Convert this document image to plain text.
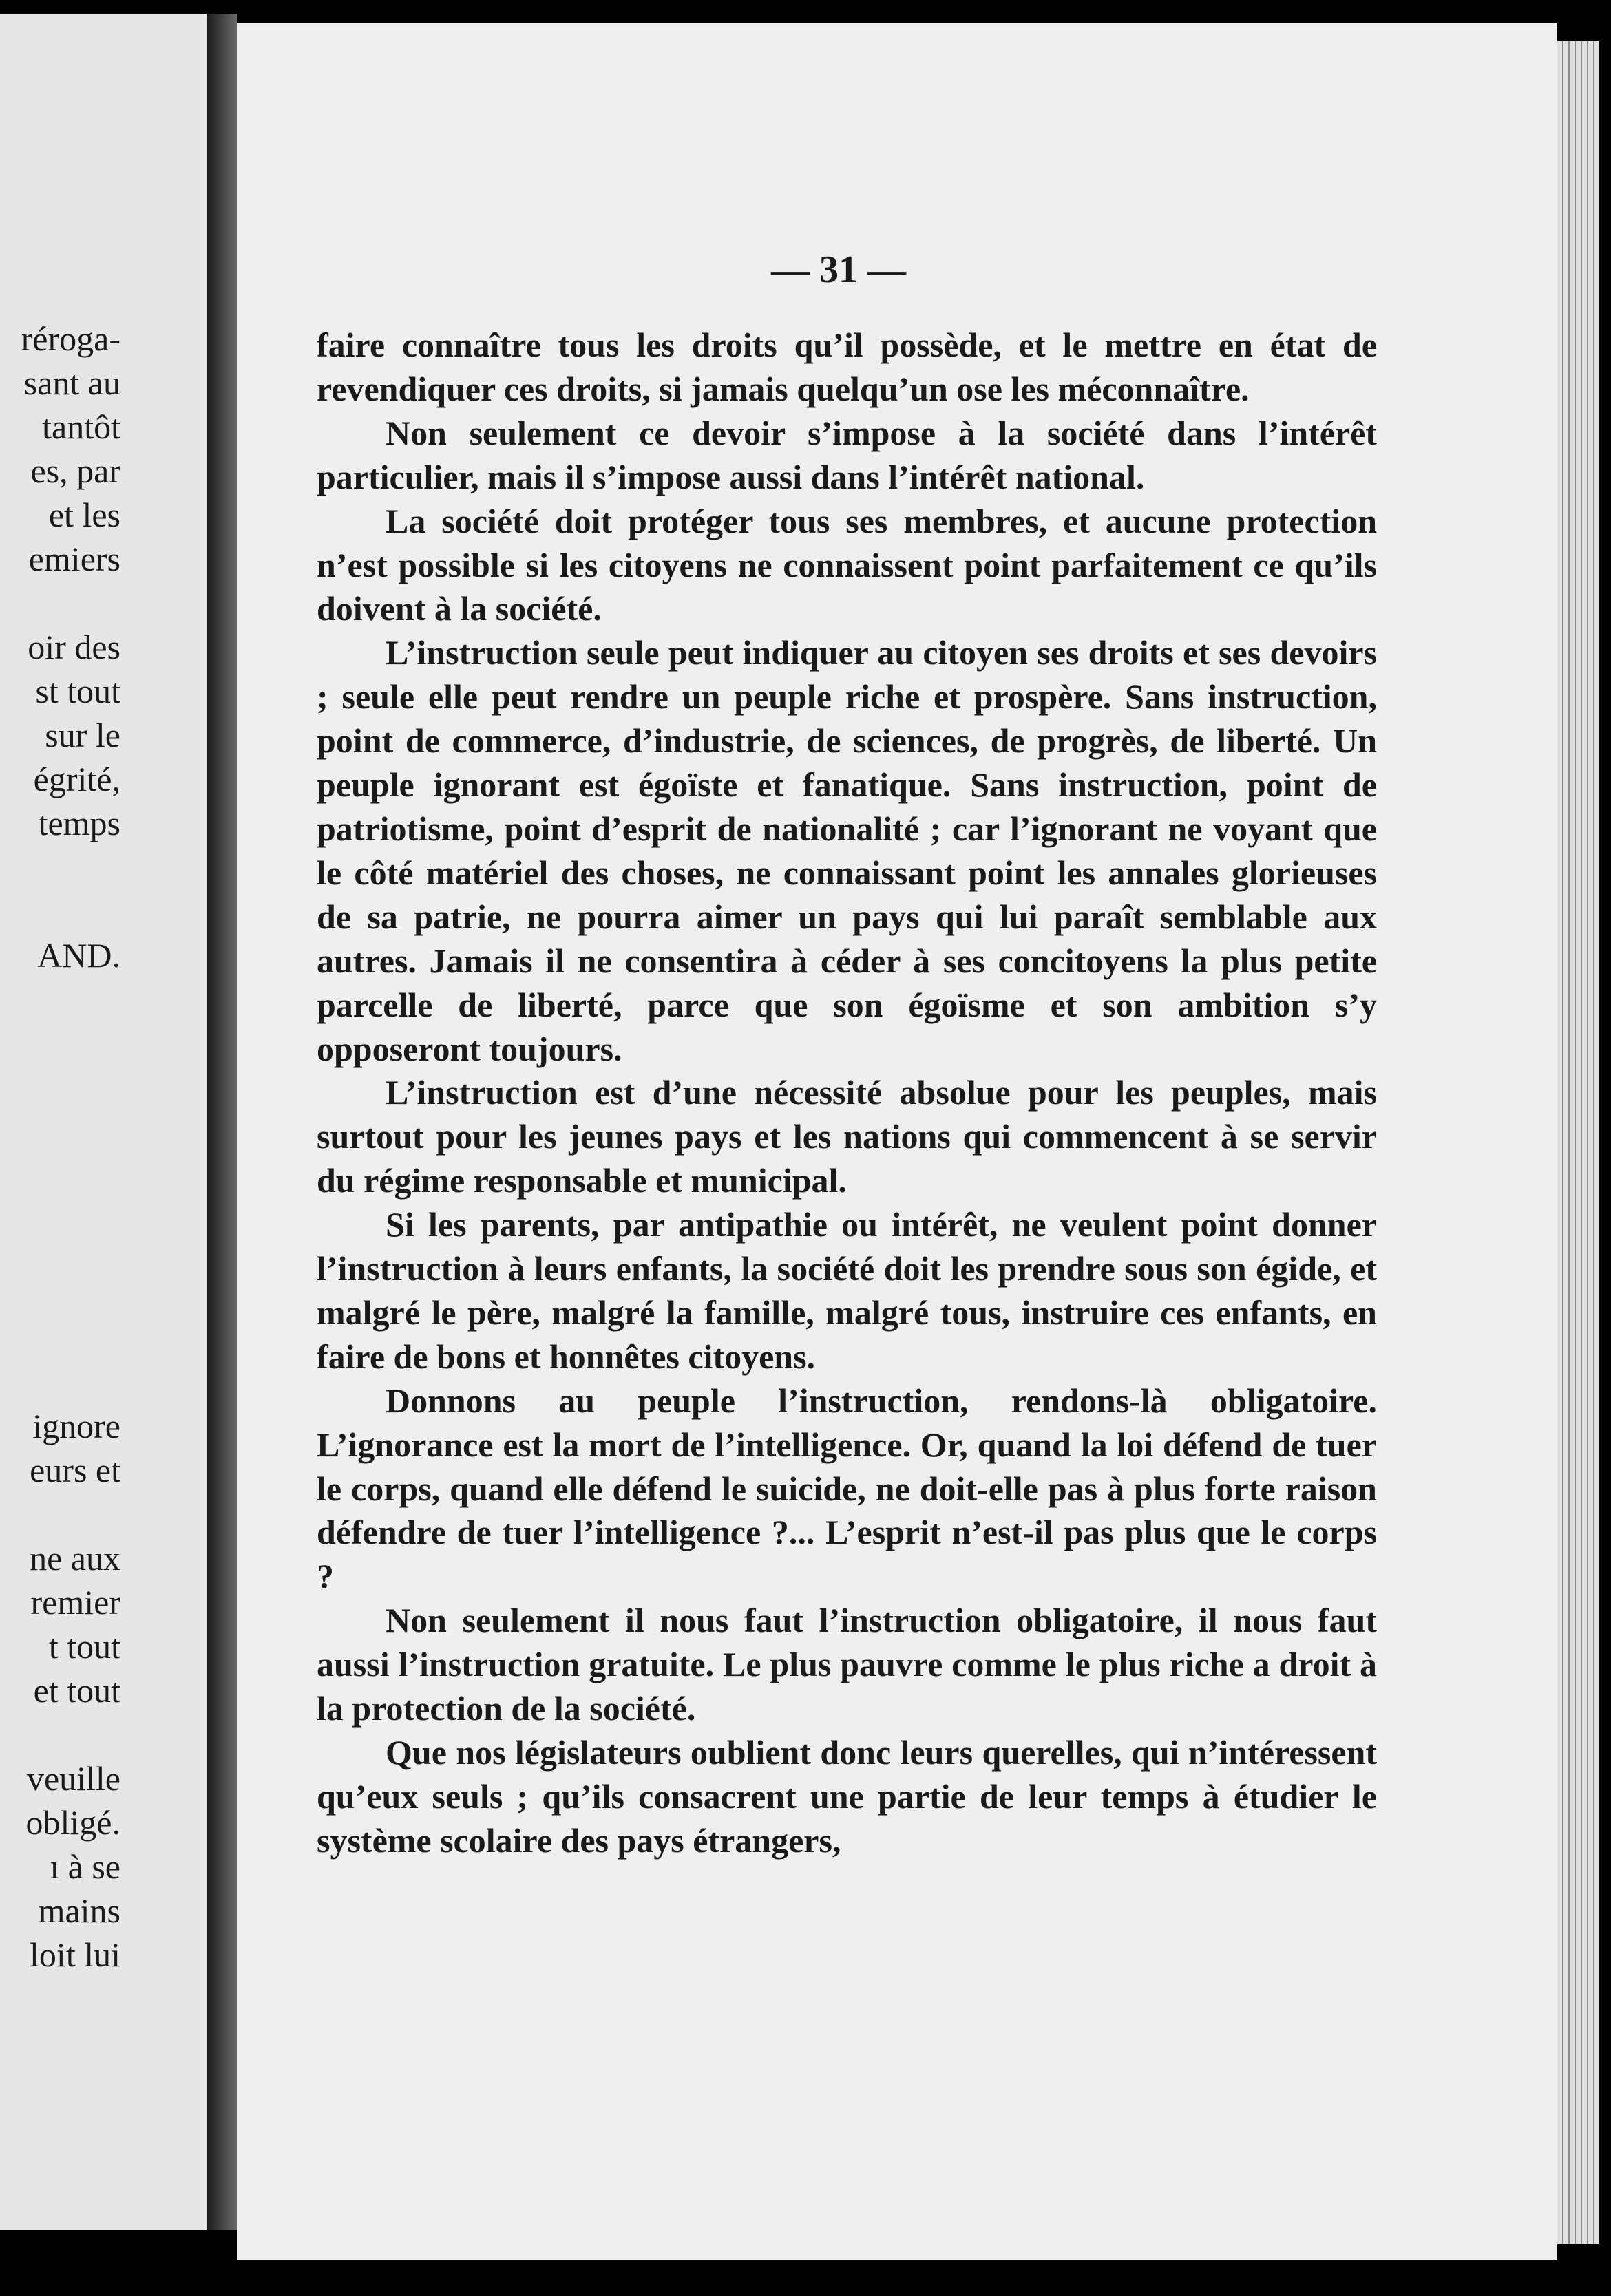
rérogа-
sant au
tantôt
es, par
et les
emiers
oir des
st tout
sur le
égrité,
temps
AND.
ignore
eurs et
ne aux
remier
t tout
et tout
veuille
obligé.
ı à se
mains
loit lui
— 31 —

faire connaître tous les droits qu’il possède, et le mettre en état de revendiquer ces droits, si jamais quelqu’un ose les méconnaître.

Non seulement ce devoir s’impose à la société dans l’intérêt particulier, mais il s’impose aussi dans l’intérêt national.

La société doit protéger tous ses membres, et aucune protection n’est possible si les citoyens ne connaissent point parfaitement ce qu’ils doivent à la société.

L’instruction seule peut indiquer au citoyen ses droits et ses devoirs ; seule elle peut rendre un peuple riche et prospère. Sans instruction, point de commerce, d’industrie, de sciences, de progrès, de liberté. Un peuple ignorant est égoïste et fanatique. Sans instruction, point de patriotisme, point d’esprit de nationalité ; car l’ignorant ne voyant que le côté matériel des choses, ne connaissant point les annales glorieuses de sa patrie, ne pourra aimer un pays qui lui paraît semblable aux autres. Jamais il ne consentira à céder à ses concitoyens la plus petite parcelle de liberté, parce que son égoïsme et son ambition s’y opposeront toujours.

L’instruction est d’une nécessité absolue pour les peuples, mais surtout pour les jeunes pays et les nations qui commencent à se servir du régime responsable et municipal.

Si les parents, par antipathie ou intérêt, ne veulent point donner l’instruction à leurs enfants, la société doit les prendre sous son égide, et malgré le père, malgré la famille, malgré tous, instruire ces enfants, en faire de bons et honnêtes citoyens.

Donnons au peuple l’instruction, rendons-là obligatoire. L’ignorance est la mort de l’intelligence. Or, quand la loi défend de tuer le corps, quand elle défend le suicide, ne doit-elle pas à plus forte raison défendre de tuer l’intelligence ?... L’esprit n’est-il pas plus que le corps ?

Non seulement il nous faut l’instruction obligatoire, il nous faut aussi l’instruction gratuite. Le plus pauvre comme le plus riche a droit à la protection de la société.

Que nos législateurs oublient donc leurs querelles, qui n’intéressent qu’eux seuls ; qu’ils consacrent une partie de leur temps à étudier le système scolaire des pays étrangers,
